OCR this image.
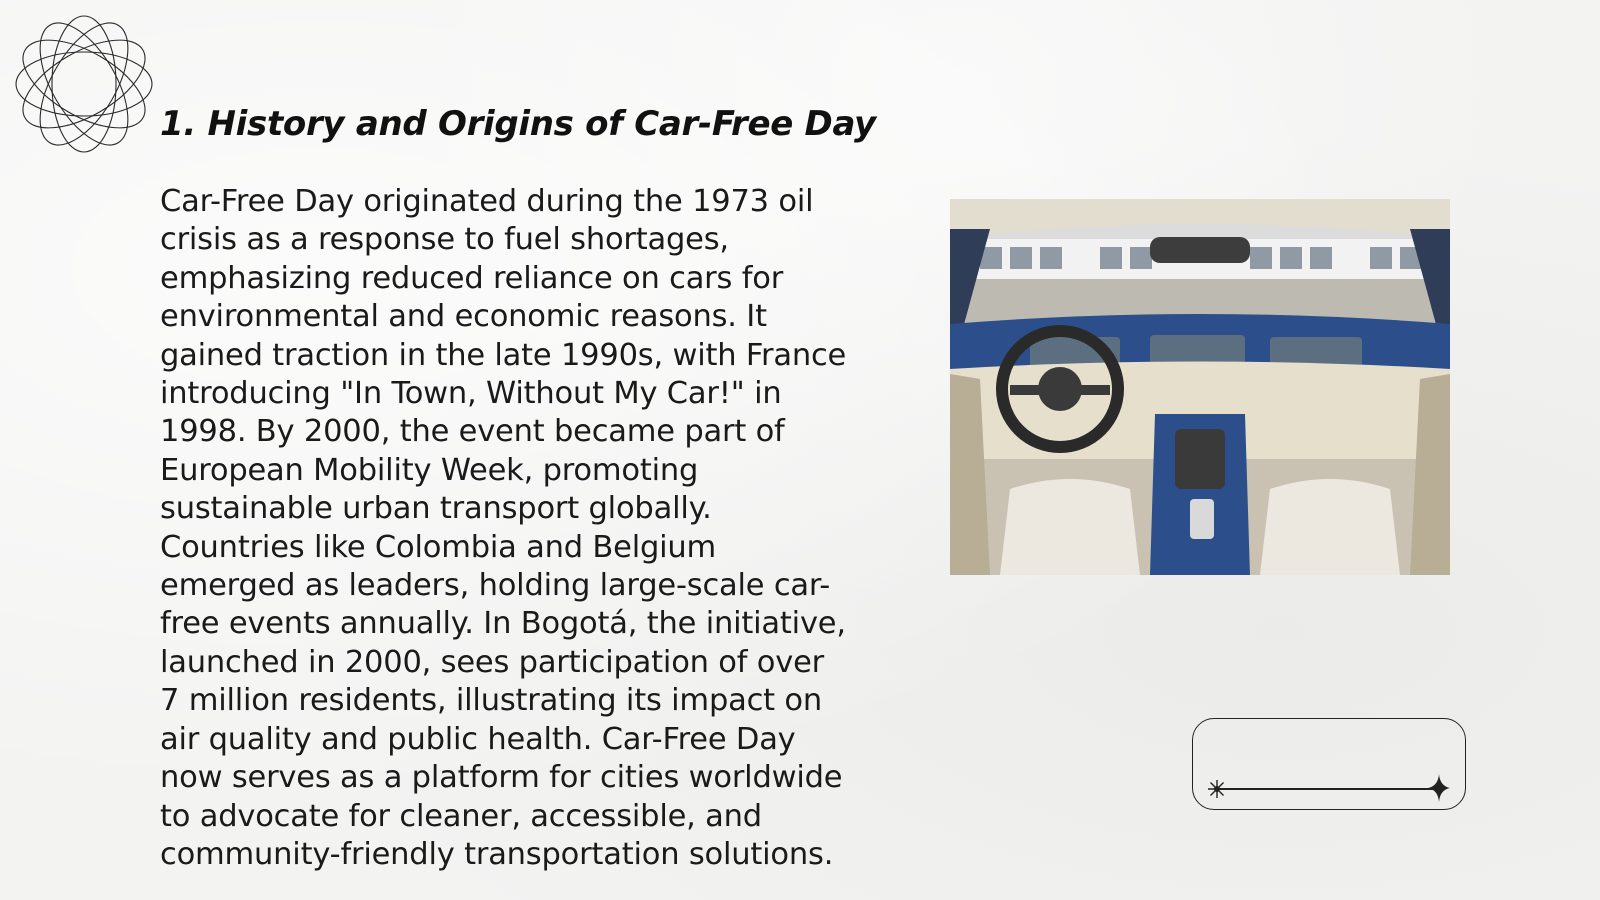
1. History and Origins of Car-Free Day

Car-Free Day originated during the 1973 oil crisis as a response to fuel shortages, emphasizing reduced reliance on cars for environmental and economic reasons. It gained traction in the late 1990s, with France introducing "In Town, Without My Car!" in 1998. By 2000, the event became part of European Mobility Week, promoting sustainable urban transport globally. Countries like Colombia and Belgium emerged as leaders, holding large-scale car-free events annually. In Bogotá, the initiative, launched in 2000, sees participation of over 7 million residents, illustrating its impact on air quality and public health. Car-Free Day now serves as a platform for cities worldwide to advocate for cleaner, accessible, and community-friendly transportation solutions.
